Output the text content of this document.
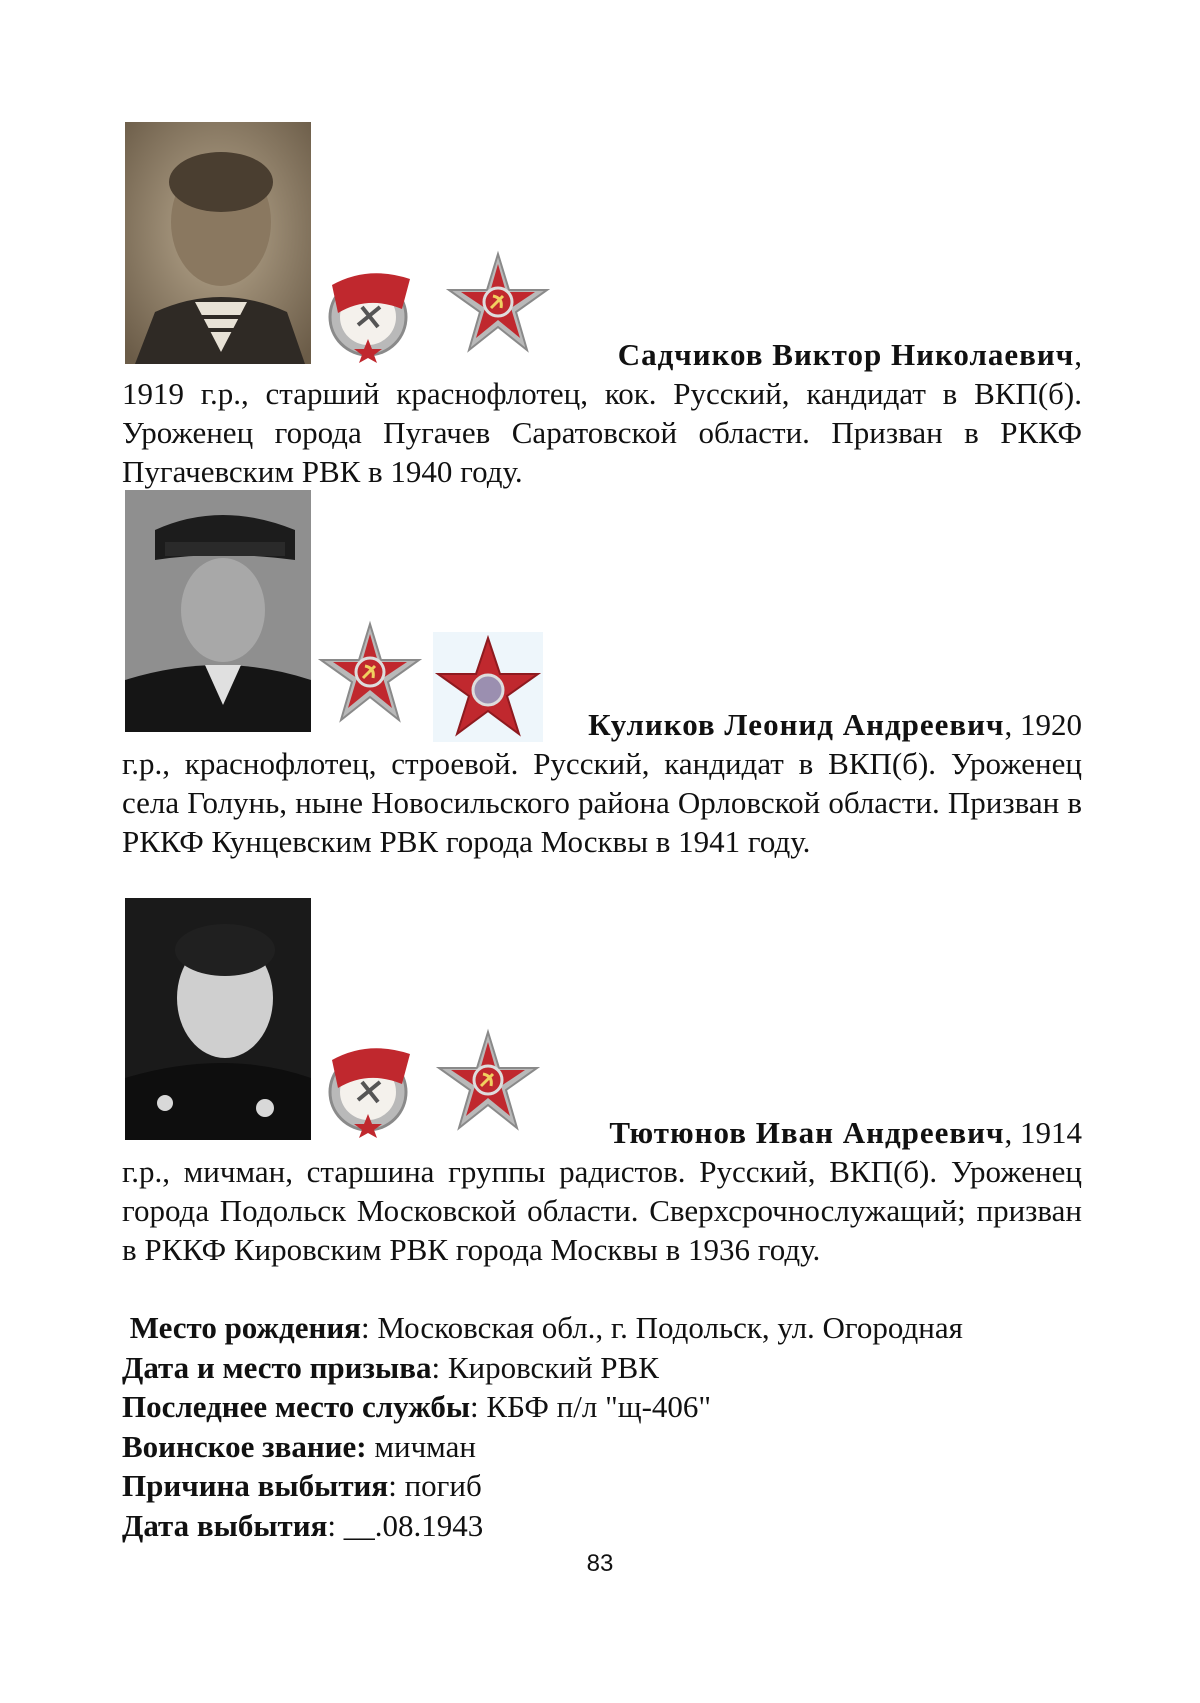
Садчиков Виктор Николаевич,
1919 г.р., старший краснофлотец, кок. Русский, кандидат в ВКП(б). Уроженец города Пугачев Саратовской области. Призван в РККФ Пугачевским РВК в 1940 году.
Куликов Леонид Андреевич, 1920
г.р., краснофлотец, строевой. Русский, кандидат в ВКП(б). Уроженец села Голунь, ныне Новосильского района Орловской области. Призван в РККФ Кунцевским РВК города Москвы в 1941 году.
Тютюнов Иван Андреевич, 1914
г.р., мичман, старшина группы радистов. Русский, ВКП(б). Уроженец города Подольск Московской области. Сверхсрочнослужащий; призван в РККФ Кировским РВК города Москвы в 1936 году.
Место рождения: Московская обл., г. Подольск, ул. Огородная
Дата и место призыва: Кировский РВК
Последнее место службы: КБФ п/л "щ-406"
Воинское звание: мичман
Причина выбытия: погиб
Дата выбытия: __.08.1943
83
